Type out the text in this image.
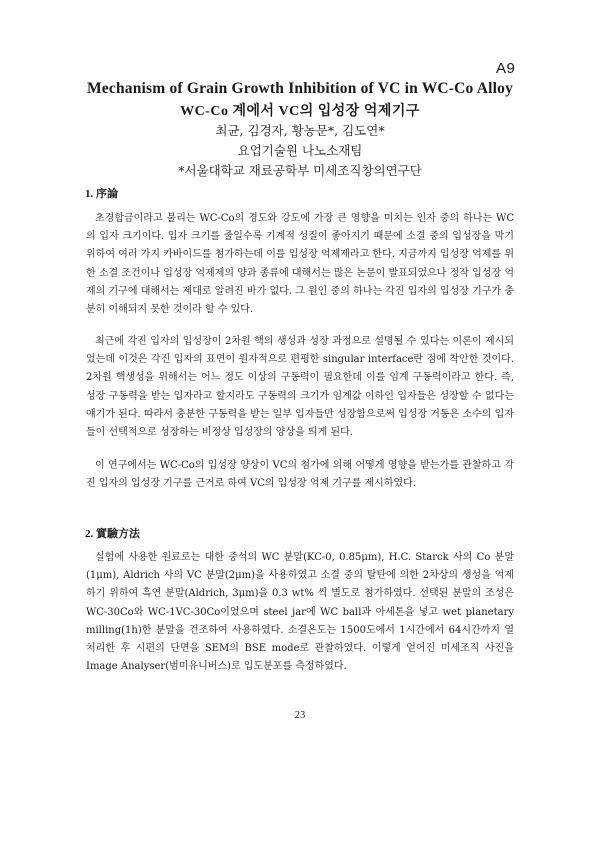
A9
Mechanism of Grain Growth Inhibition of VC in WC-Co Alloy
WC-Co 계에서 VC의 입성장 억제기구
최균, 김경자, 황농문*, 김도연*
요업기술원 나노소재팀
*서울대학교 재료공학부 미세조직창의연구단
1. 序論

초경합금이라고 불리는 WC-Co의 경도와 강도에 가장 큰 영향을 미치는 인자 중의 하나는 WC의 입자 크기이다. 입자 크기를 줄일수록 기계적 성질이 좋아지기 때문에 소결 중의 입성장을 막기 위하여 여러 가지 카바이드를 첨가하는데 이를 입성장 억제제라고 한다. 지금까지 입성장 억제를 위한 소결 조건이나 입성장 억제제의 양과 종류에 대해서는 많은 논문이 발표되었으나 정작 입성장 억제의 기구에 대해서는 제대로 알려진 바가 없다. 그 원인 중의 하나는 각진 입자의 입성장 기구가 충분히 이해되지 못한 것이라 할 수 있다.

최근에 각진 입자의 입성장이 2차원 핵의 생성과 성장 과정으로 설명될 수 있다는 이론이 제시되었는데 이것은 각진 입자의 표면이 원자적으로 편평한 singular interface란 점에 착안한 것이다. 2차원 핵생성을 위해서는 어느 정도 이상의 구동력이 필요한데 이를 임계 구동력이라고 한다. 즉, 성장 구동력을 받는 입자라고 할지라도 구동력의 크기가 임계값 이하인 입자들은 성장할 수 없다는 얘기가 된다. 따라서 충분한 구동력을 받는 일부 입자들만 성장함으로써 입성장 거동은 소수의 입자들이 선택적으로 성장하는 비정상 입성장의 양상을 띄게 된다.

이 연구에서는 WC-Co의 입성장 양상이 VC의 첨가에 의해 어떻게 영향을 받는가를 관찰하고 각진 입자의 입성장 기구를 근거로 하여 VC의 입성장 억제 기구를 제시하였다.

2. 實驗方法

실험에 사용한 원료로는 대한 중석의 WC 분말(KC-0, 0.85μm), H.C. Starck 사의 Co 분말(1μm), Aldrich 사의 VC 분말(2μm)을 사용하였고 소결 중의 탈탄에 의한 2차상의 생성을 억제하기 위하여 흑연 분말(Aldrich, 3μm)을 0.3 wt% 씩 별도로 첨가하였다. 선택된 분말의 조성은 WC-30Co와 WC-1VC-30Co이었으며 steel jar에 WC ball과 아세톤을 넣고 wet planetary milling(1h)한 분말을 건조하여 사용하였다. 소결온도는 1500도에서 1시간에서 64시간까지 열처리한 후 시편의 단면을 SEM의 BSE mode로 관찰하였다. 이렇게 얻어진 미세조직 사진을 Image Analyser(범미유니버스)로 입도분포를 측정하였다.

23
